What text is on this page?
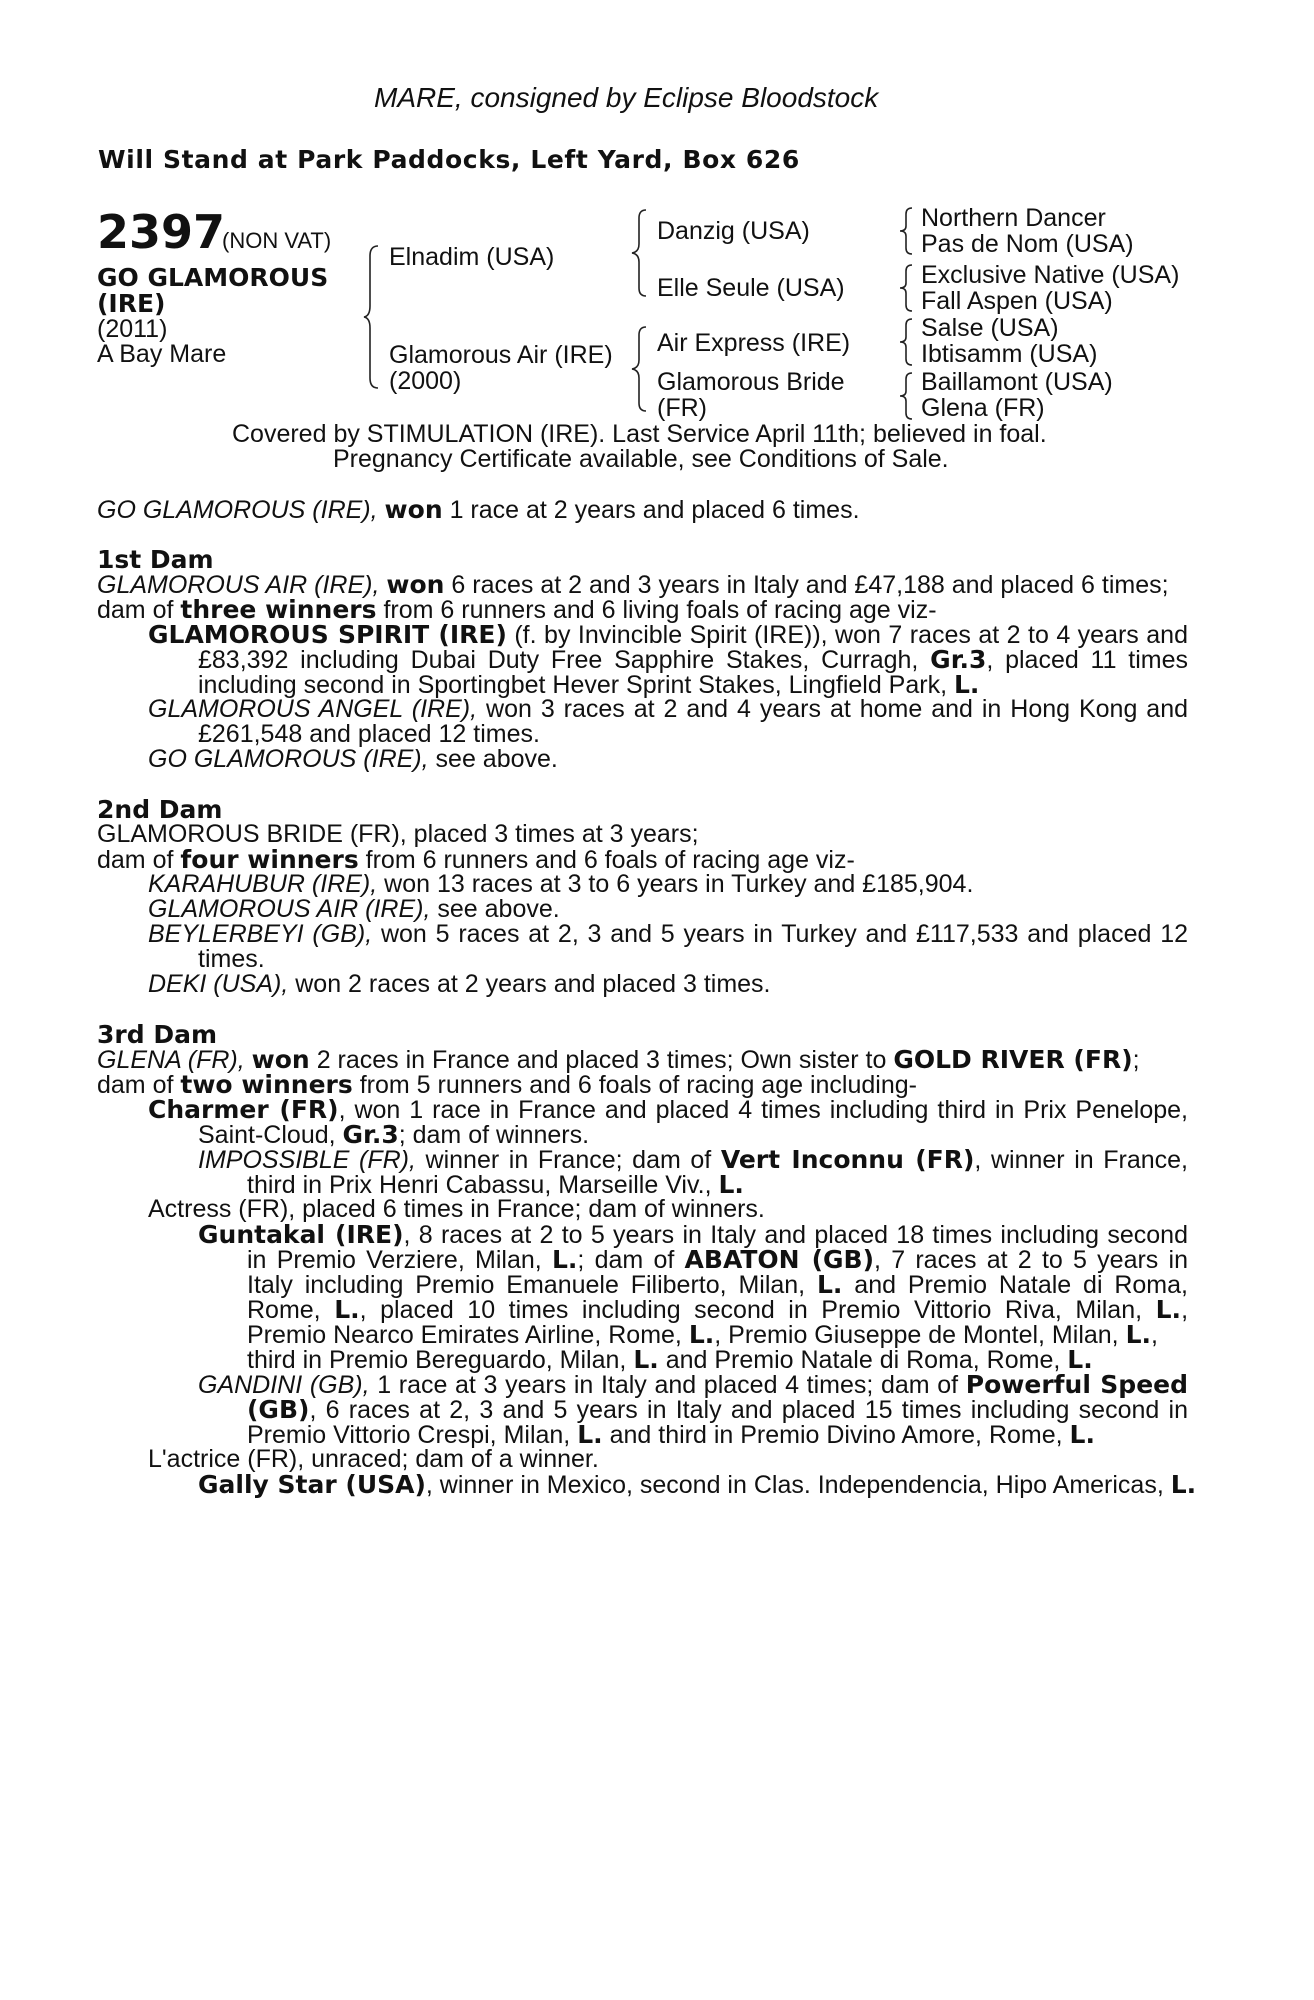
MARE, consigned by Eclipse Bloodstock
Will Stand at Park Paddocks, Left Yard, Box 626
2397
(NON VAT)
GO GLAMOROUS
(IRE)
(2011)
A Bay Mare
Elnadim (USA)
Glamorous Air (IRE)
(2000)
Danzig (USA)
Elle Seule (USA)
Air Express (IRE)
Glamorous Bride
(FR)
Northern Dancer
Pas de Nom (USA)
Exclusive Native (USA)
Fall Aspen (USA)
Salse (USA)
Ibtisamm (USA)
Baillamont (USA)
Glena (FR)
Covered by STIMULATION (IRE). Last Service April 11th; believed in foal.
Pregnancy Certificate available, see Conditions of Sale.
GO GLAMOROUS (IRE), won 1 race at 2 years and placed 6 times.
1st Dam
GLAMOROUS AIR (IRE), won 6 races at 2 and 3 years in Italy and £47,188 and placed 6 times;
dam of three winners from 6 runners and 6 living foals of racing age viz-
GLAMOROUS SPIRIT (IRE) (f. by Invincible Spirit (IRE)), won 7 races at 2 to 4 years and
£83,392 including Dubai Duty Free Sapphire Stakes, Curragh, Gr.3, placed 11 times
including second in Sportingbet Hever Sprint Stakes, Lingfield Park, L.
GLAMOROUS ANGEL (IRE), won 3 races at 2 and 4 years at home and in Hong Kong and
£261,548 and placed 12 times.
GO GLAMOROUS (IRE), see above.
2nd Dam
GLAMOROUS BRIDE (FR), placed 3 times at 3 years;
dam of four winners from 6 runners and 6 foals of racing age viz-
KARAHUBUR (IRE), won 13 races at 3 to 6 years in Turkey and £185,904.
GLAMOROUS AIR (IRE), see above.
BEYLERBEYI (GB), won 5 races at 2, 3 and 5 years in Turkey and £117,533 and placed 12
times.
DEKI (USA), won 2 races at 2 years and placed 3 times.
3rd Dam
GLENA (FR), won 2 races in France and placed 3 times; Own sister to GOLD RIVER (FR);
dam of two winners from 5 runners and 6 foals of racing age including-
Charmer (FR), won 1 race in France and placed 4 times including third in Prix Penelope,
Saint-Cloud, Gr.3; dam of winners.
IMPOSSIBLE (FR), winner in France; dam of Vert Inconnu (FR), winner in France,
third in Prix Henri Cabassu, Marseille Viv., L.
Actress (FR), placed 6 times in France; dam of winners.
Guntakal (IRE), 8 races at 2 to 5 years in Italy and placed 18 times including second
in Premio Verziere, Milan, L.; dam of ABATON (GB), 7 races at 2 to 5 years in
Italy including Premio Emanuele Filiberto, Milan, L. and Premio Natale di Roma,
Rome, L., placed 10 times including second in Premio Vittorio Riva, Milan, L.,
Premio Nearco Emirates Airline, Rome, L., Premio Giuseppe de Montel, Milan, L.,
third in Premio Bereguardo, Milan, L. and Premio Natale di Roma, Rome, L.
GANDINI (GB), 1 race at 3 years in Italy and placed 4 times; dam of Powerful Speed
(GB), 6 races at 2, 3 and 5 years in Italy and placed 15 times including second in
Premio Vittorio Crespi, Milan, L. and third in Premio Divino Amore, Rome, L.
L'actrice (FR), unraced; dam of a winner.
Gally Star (USA), winner in Mexico, second in Clas. Independencia, Hipo Americas, L.
